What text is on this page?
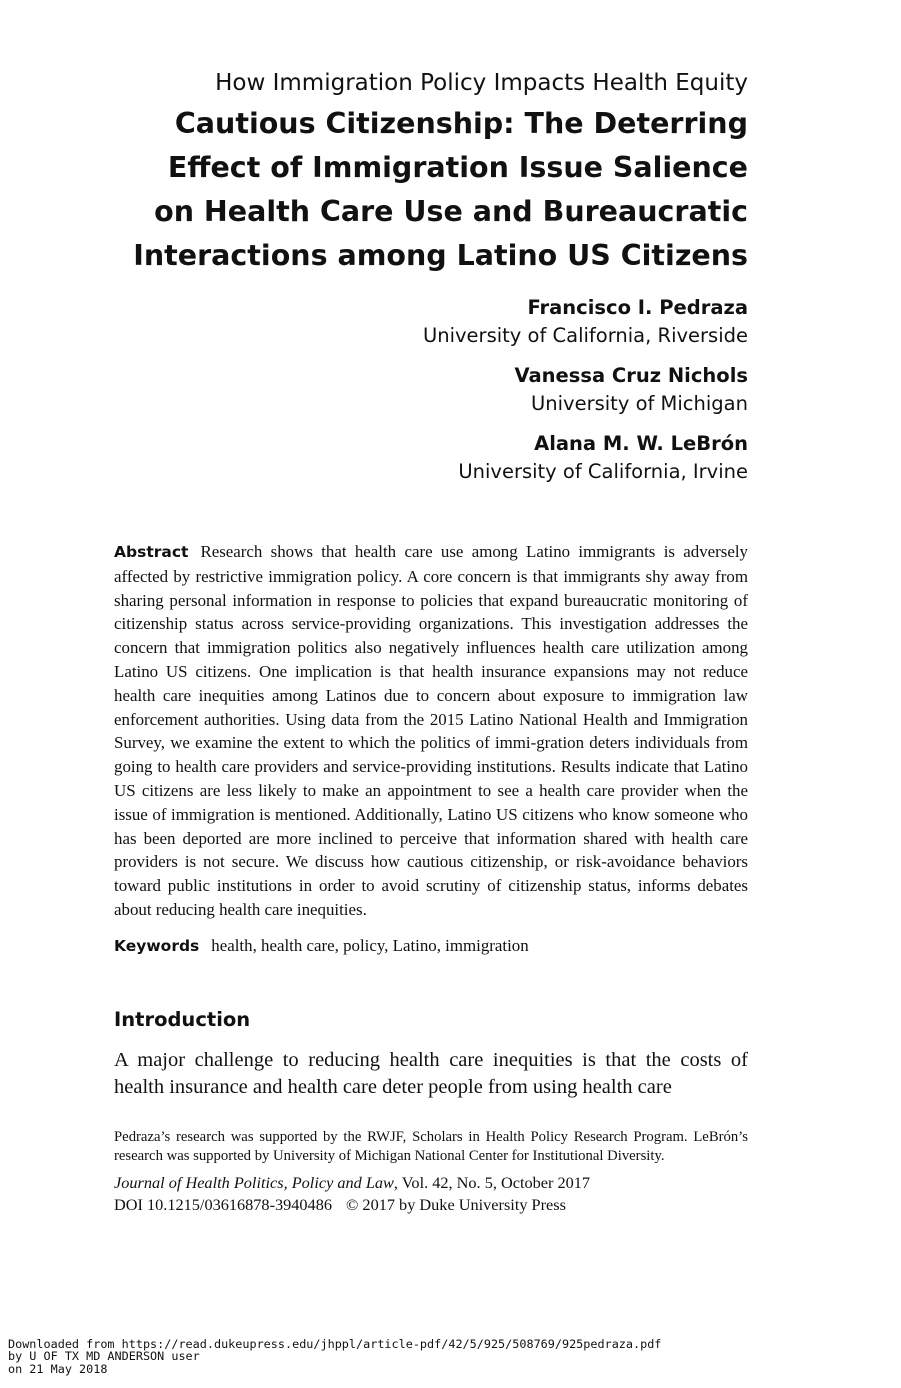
How Immigration Policy Impacts Health Equity
Cautious Citizenship: The Deterring
Effect of Immigration Issue Salience
on Health Care Use and Bureaucratic
Interactions among Latino US Citizens
Francisco I. Pedraza
University of California, Riverside
Vanessa Cruz Nichols
University of Michigan
Alana M. W. LeBrón
University of California, Irvine

Abstract Research shows that health care use among Latino immigrants is adversely affected by restrictive immigration policy. A core concern is that immigrants shy away from sharing personal information in response to policies that expand bureaucratic monitoring of citizenship status across service-providing organizations. This investigation addresses the concern that immigration politics also negatively influences health care utilization among Latino US citizens. One implication is that health insurance expansions may not reduce health care inequities among Latinos due to concern about exposure to immigration law enforcement authorities. Using data from the 2015 Latino National Health and Immigration Survey, we examine the extent to which the politics of immi-gration deters individuals from going to health care providers and service-providing institutions. Results indicate that Latino US citizens are less likely to make an appointment to see a health care provider when the issue of immigration is mentioned. Additionally, Latino US citizens who know someone who has been deported are more inclined to perceive that information shared with health care providers is not secure. We discuss how cautious citizenship, or risk-avoidance behaviors toward public institutions in order to avoid scrutiny of citizenship status, informs debates about reducing health care inequities.

Keywords health, health care, policy, Latino, immigration

Introduction

A major challenge to reducing health care inequities is that the costs of health insurance and health care deter people from using health care

Pedraza’s research was supported by the RWJF, Scholars in Health Policy Research Program. LeBrón’s research was supported by University of Michigan National Center for Institutional Diversity.

Journal of Health Politics, Policy and Law, Vol. 42, No. 5, October 2017
DOI 10.1215/03616878-3940486 © 2017 by Duke University Press

Downloaded from https://read.dukeupress.edu/jhppl/article-pdf/42/5/925/508769/925pedraza.pdf
by U OF TX MD ANDERSON user
on 21 May 2018
